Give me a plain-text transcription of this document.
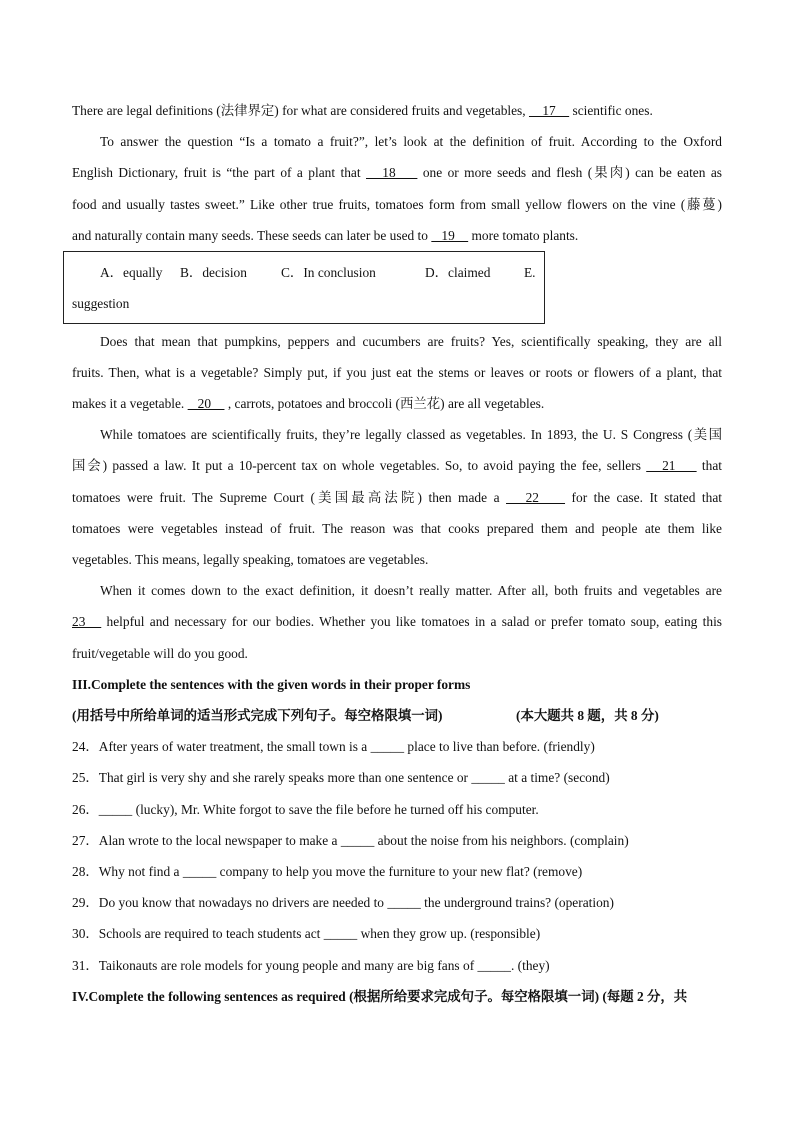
There are legal definitions (法律界定) for what are considered fruits and vegetables,     17     scientific ones.
To answer the question “Is a tomato a fruit?”, let’s look at the definition of fruit. According to the Oxford
English Dictionary, fruit is “the part of a plant that    18     one or more seeds and flesh (果肉) can be eaten as
food and usually tastes sweet.” Like other true fruits, tomatoes form from small yellow flowers on the vine (藤蔓)
and naturally contain many seeds. These seeds can later be used to    19     more tomato plants.
A．equally B．decision	C．In conclusion	D．claimed	E.
suggestion
Does that mean that pumpkins, peppers and cucumbers are fruits? Yes, scientifically speaking, they are all
fruits. Then, what is a vegetable? Simply put, if you just eat the stems or leaves or roots or flowers of a plant, that
makes it a vegetable.    20     , carrots, potatoes and broccoli (西兰花) are all vegetables.
While tomatoes are scientifically fruits, they’re legally classed as vegetables. In 1893, the U. S Congress (美国
国会) passed a law. It put a 10-percent tax on whole vegetables. So, to avoid paying the fee, sellers    21     that
tomatoes were fruit. The Supreme Court (美国最高法院) then made a    22     for the case. It stated that
tomatoes were vegetables instead of fruit. The reason was that cooks prepared them and people ate them like
vegetables. This means, legally speaking, tomatoes are vegetables.
When it comes down to the exact definition, it doesn’t really matter. After all, both fruits and vegetables are
23    helpful and necessary for our bodies. Whether you like tomatoes in a salad or prefer tomato soup, eating this
fruit/vegetable will do you good.
III.Complete the sentences with the given words in their proper forms
(用括号中所给单词的适当形式完成下列句子。每空格限填一词)	(本大题共 8 题，共 8 分)
24．After years of water treatment, the small town is a _____ place to live than before. (friendly)
25．That girl is very shy and she rarely speaks more than one sentence or _____ at a time? (second)
26．_____ (lucky), Mr. White forgot to save the file before he turned off his computer.
27．Alan wrote to the local newspaper to make a _____ about the noise from his neighbors. (complain)
28．Why not find a _____ company to help you move the furniture to your new flat? (remove)
29．Do you know that nowadays no drivers are needed to _____ the underground trains? (operation)
30．Schools are required to teach students act _____ when they grow up. (responsible)
31．Taikonauts are role models for young people and many are big fans of _____. (they)
IV.Complete the following sentences as required (根据所给要求完成句子。每空格限填一词) (每题 2 分，共
